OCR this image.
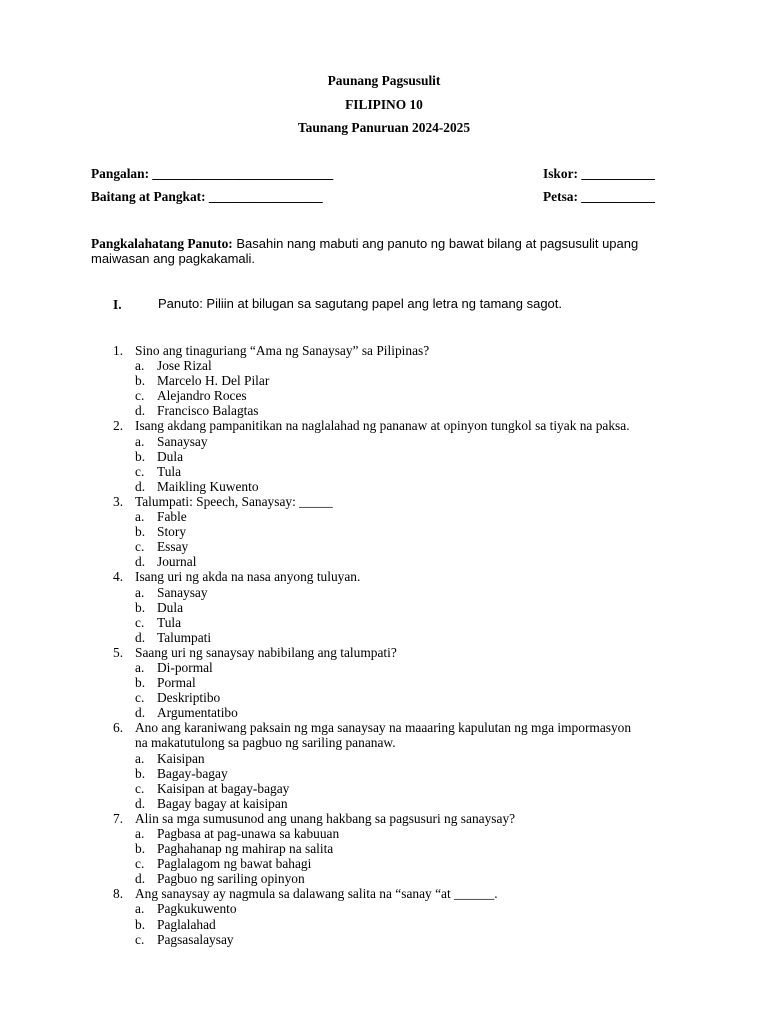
Paunang Pagsusulit
FILIPINO 10
Taunang Panuruan 2024-2025
Pangalan: ___________________________	Iskor: ___________
Baitang at Pangkat: _________________	Petsa: ___________
Pangkalahatang Panuto: Basahin nang mabuti ang panuto ng bawat bilang at pagsusulit upang
maiwasan ang pagkakamali.
I.	Panuto: Piliin at bilugan sa sagutang papel ang letra ng tamang sagot.
1. Sino ang tinaguriang “Ama ng Sanaysay” sa Pilipinas?
a. Jose Rizal
b. Marcelo H. Del Pilar
c. Alejandro Roces
d. Francisco Balagtas
2. Isang akdang pampanitikan na naglalahad ng pananaw at opinyon tungkol sa tiyak na paksa.
a. Sanaysay
b. Dula
c. Tula
d. Maikling Kuwento
3. Talumpati: Speech, Sanaysay: _____
a. Fable
b. Story
c. Essay
d. Journal
4. Isang uri ng akda na nasa anyong tuluyan.
a. Sanaysay
b. Dula
c. Tula
d. Talumpati
5. Saang uri ng sanaysay nabibilang ang talumpati?
a. Di-pormal
b. Pormal
c. Deskriptibo
d. Argumentatibo
6. Ano ang karaniwang paksain ng mga sanaysay na maaaring kapulutan ng mga impormasyon
na makatutulong sa pagbuo ng sariling pananaw.
a. Kaisipan
b. Bagay-bagay
c. Kaisipan at bagay-bagay
d. Bagay bagay at kaisipan
7. Alin sa mga sumusunod ang unang hakbang sa pagsusuri ng sanaysay?
a. Pagbasa at pag-unawa sa kabuuan
b. Paghahanap ng mahirap na salita
c. Paglalagom ng bawat bahagi
d. Pagbuo ng sariling opinyon
8. Ang sanaysay ay nagmula sa dalawang salita na “sanay “at ______.
a. Pagkukuwento
b. Paglalahad
c. Pagsasalaysay
